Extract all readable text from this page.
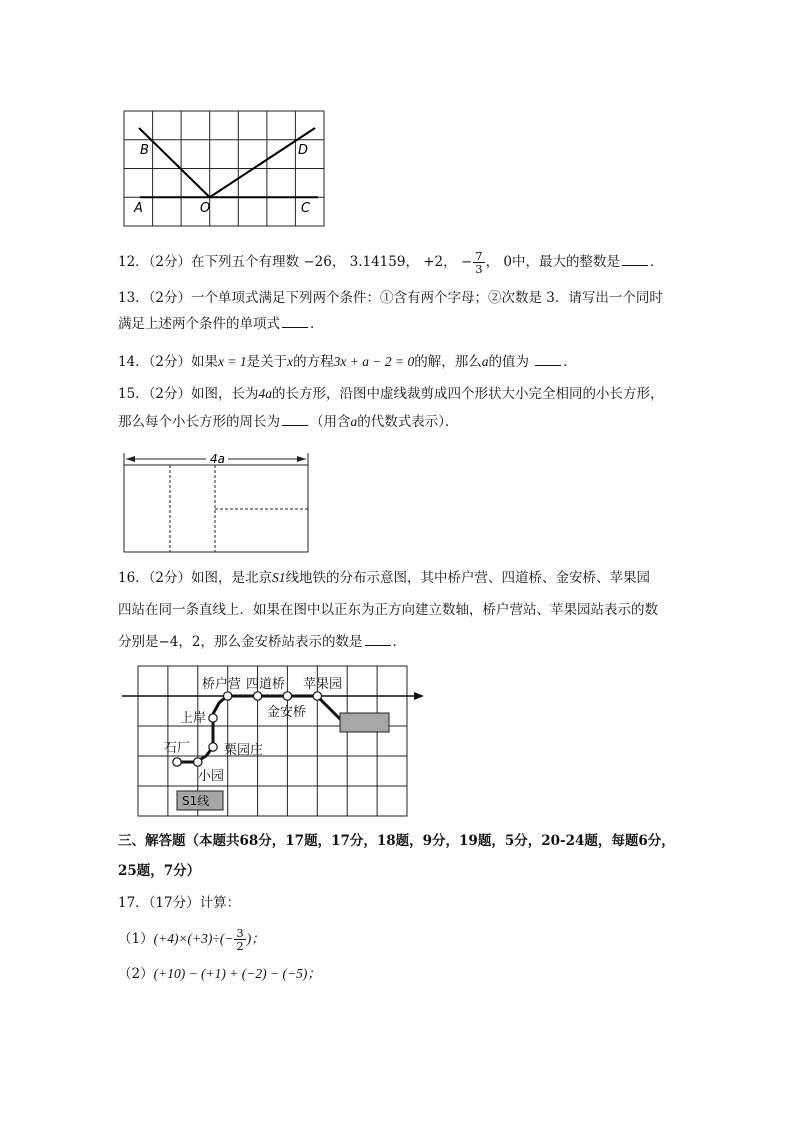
B	D
A	O	C
12．（2分）在下列五个有理数 −26， 3.14159， +2， − $\frac{7}{3}$ ， 0中，最大的整数是 ．
13．（2分）一个单项式满足下列两个条件：①含有两个字母；②次数是 3．请写出一个同时
满足上述两个条件的单项式 ．
14．（2分）如果x = 1是关于x的方程3x + a − 2 = 0的解，那么a的值为	．
15．（2分）如图，长为4a的长方形，沿图中虚线裁剪成四个形状大小完全相同的小长方形，
那么每个小长方形的周长为 （用含a的代数式表示）．
4a
16．（2分）如图，是北京S1线地铁的分布示意图，其中桥户营、四道桥、金安桥、苹果园
四站在同一条直线上．如果在图中以正东为正方向建立数轴，桥户营站、苹果园站表示的数
分别是−4，2，那么金安桥站表示的数是 ．
S1线
桥户营 四道桥 苹果园
金安桥
上岸
栗园庄
石厂
小园
三、解答题（本题共68分，17题，17分，18题，9分，19题，5分，20-24题，每题6分，
25题，7分）
17．（17分）计算：
$(1)(+4)\times(+3)\div(- \frac{3}{2}$ )；
（2）(+10) − (+1) + (−2) − (−5)；
